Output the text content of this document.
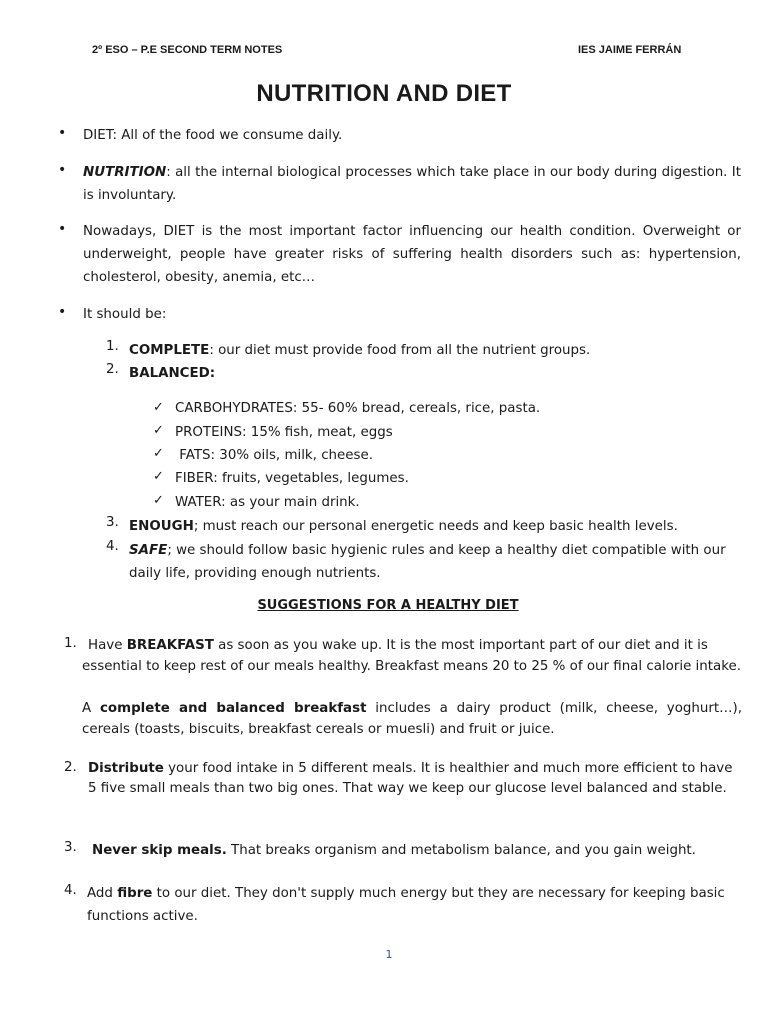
2º ESO – P.E SECOND TERM NOTES	IES JAIME FERRÁN
NUTRITION AND DIET
• DIET: All of the food we consume daily.
• NUTRITION: all the internal biological processes which take place in our body during digestion. It is involuntary.
• Nowadays, DIET is the most important factor influencing our health condition. Overweight or underweight, people have greater risks of suffering health disorders such as: hypertension, cholesterol, obesity, anemia, etc…
• It should be:
1. COMPLETE: our diet must provide food from all the nutrient groups.
2. BALANCED:
✓ CARBOHYDRATES: 55- 60% bread, cereals, rice, pasta.
✓ PROTEINS: 15% fish, meat, eggs
✓ FATS: 30% oils, milk, cheese.
✓ FIBER: fruits, vegetables, legumes.
✓ WATER: as your main drink.
3. ENOUGH; must reach our personal energetic needs and keep basic health levels.
4. SAFE; we should follow basic hygienic rules and keep a healthy diet compatible with our daily life, providing enough nutrients.
SUGGESTIONS FOR A HEALTHY DIET
1. Have BREAKFAST as soon as you wake up. It is the most important part of our diet and it is essential to keep rest of our meals healthy. Breakfast means 20 to 25 % of our final calorie intake.
A complete and balanced breakfast includes a dairy product (milk, cheese, yoghurt…), cereals (toasts, biscuits, breakfast cereals or muesli) and fruit or juice.
2. Distribute your food intake in 5 different meals. It is healthier and much more efficient to have 5 five small meals than two big ones. That way we keep our glucose level balanced and stable.
3. Never skip meals. That breaks organism and metabolism balance, and you gain weight.
4. Add fibre to our diet. They don't supply much energy but they are necessary for keeping basic functions active.
1
